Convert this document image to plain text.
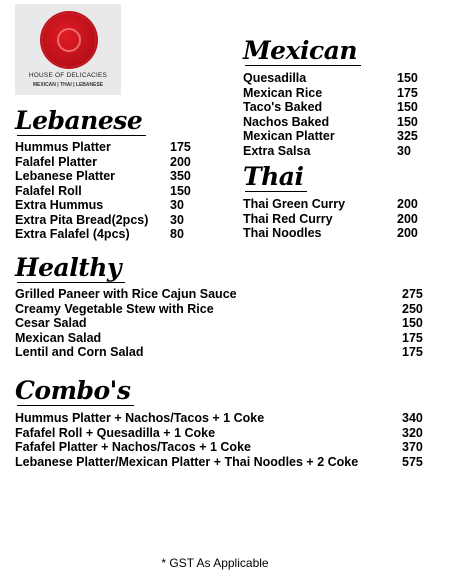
HOUSE OF DELICACIES
MEXICAN | THAI | LEBANESE
Mexican
Lebanese
Thai
Healthy
Combo's
* GST As Applicable
Quesadilla	150
Mexican Rice	175
Taco's Baked	150
Nachos Baked	150
Mexican Platter	325
Extra Salsa	30
Hummus Platter	175
Falafel Platter	200
Lebanese Platter	350
Falafel Roll	150
Extra Hummus	30
Extra Pita Bread(2pcs) 30
Extra Falafel (4pcs)	80
Thai Green Curry	200
Thai Red Curry	200
Thai Noodles	200
Grilled Paneer with Rice Cajun Sauce	275
Creamy Vegetable Stew with Rice	250
Cesar Salad	150
Mexican Salad	175
Lentil and Corn Salad	175
Hummus Platter + Nachos/Tacos + 1 Coke	340
Fafafel Roll + Quesadilla + 1 Coke	320
Fafafel Platter + Nachos/Tacos + 1 Coke	370
Lebanese Platter/Mexican Platter + Thai Noodles + 2 Coke	575
